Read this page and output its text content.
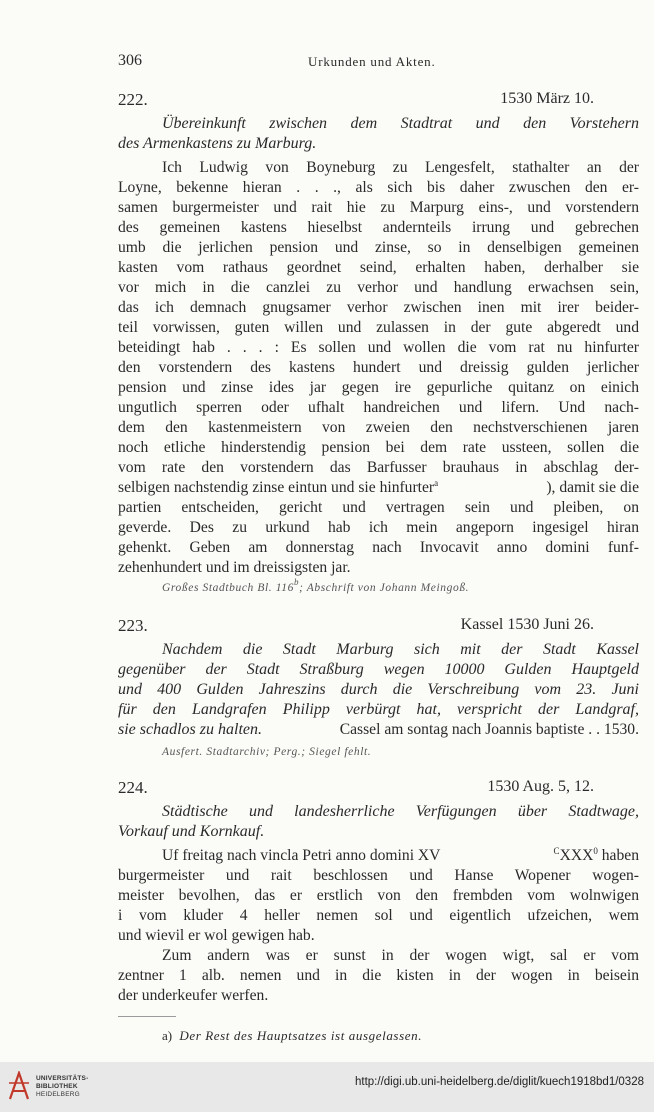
306	Urkunden und Akten.
222.	1530 März 10.
Übereinkunft zwischen dem Stadtrat und den Vorstehern
des Armenkastens zu Marburg.
Ich Ludwig von Boyneburg zu Lengesfelt, stathalter an der
Loyne, bekenne hieran . . ., als sich bis daher zwuschen den er-
samen burgermeister und rait hie zu Marpurg eins-, und vorstendern
des gemeinen kastens hieselbst andernteils irrung und gebrechen
umb die jerlichen pension und zinse, so in denselbigen gemeinen
kasten vom rathaus geordnet seind, erhalten haben, derhalber sie
vor mich in die canzlei zu verhor und handlung erwachsen sein,
das ich demnach gnugsamer verhor zwischen inen mit irer beider-
teil vorwissen, guten willen und zulassen in der gute abgeredt und
beteidingt hab . . . : Es sollen und wollen die vom rat nu hinfurter
den vorstendern des kastens hundert und dreissig gulden jerlicher
pension und zinse ides jar gegen ire gepurliche quitanz on einich
ungutlich sperren oder ufhalt handreichen und lifern. Und nach-
dem den kastenmeistern von zweien den nechstverschienen jaren
noch etliche hinderstendig pension bei dem rate ussteen, sollen die
vom rate den vorstendern das Barfusser brauhaus in abschlag der-
selbigen nachstendig zinse eintun und sie hinfurter$^a$	), damit sie die
partien entscheiden, gericht und vertragen sein und pleiben, on
geverde. Des zu urkund hab ich mein angeporn ingesigel hiran
gehenkt. Geben am donnerstag nach Invocavit anno domini funf-
zehenhundert und im dreissigsten jar.
Großes Stadtbuch Bl. 116$^b$; Abschrift von Johann Meingoß.
223.	Kassel 1530 Juni 26.
Nachdem die Stadt Marburg sich mit der Stadt Kassel
gegenüber der Stadt Straßburg wegen 10000 Gulden Hauptgeld
und 400 Gulden Jahreszins durch die Verschreibung vom 23. Juni
für den Landgrafen Philipp verbürgt hat, verspricht der Landgraf,
sie schadlos zu halten.	Cassel am sontag nach Joannis baptiste . . 1530.
Ausfert. Stadtarchiv; Perg.; Siegel fehlt.
224.	1530 Aug. 5, 12.
Städtische und landesherrliche Verfügungen über Stadtwage,
Vorkauf und Kornkauf.
Uf freitag nach vincla Petri anno domini XV	$^C$XXX$^0$ haben
burgermeister und rait beschlossen und Hanse Wopener wogen-
meister bevolhen, das er erstlich von den frembden vom wolnwigen
i vom kluder 4 heller nemen sol und eigentlich ufzeichen, wem
und wievil er wol gewigen hab.
Zum andern was er sunst in der wogen wigt, sal er vom
zentner 1 alb. nemen und in die kisten in der wogen in beisein
der underkeufer werfen.
a) Der Rest des Hauptsatzes ist ausgelassen.
UNIVERSITÄTS-
BIBLIOTHEK
HEIDELBERG
http://digi.ub.uni-heidelberg.de/diglit/kuech1918bd1/0328
